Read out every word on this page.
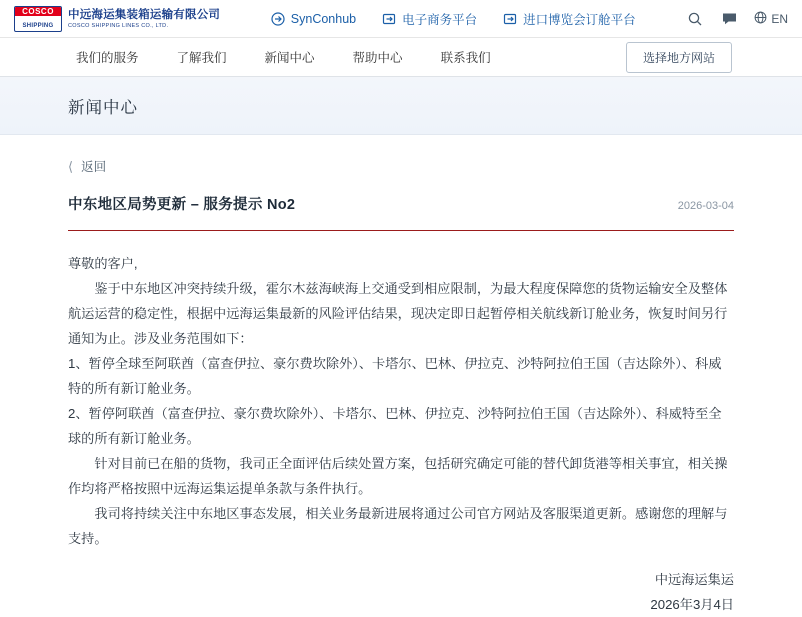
COSCO
SHIPPING
中远海运集装箱运输有限公司
COSCO SHIPPING LINES CO., LTD.	SynConhub	电子商务平台	进口博览会订舱平台	EN
我们的服务	了解我们	新闻中心	帮助中心	联系我们	选择地方网站
新闻中心
⟨ 返回
中东地区局势更新 – 服务提示 No2	2026-03-04

尊敬的客户,

鉴于中东地区冲突持续升级，霍尔木兹海峡海上交通受到相应限制，为最大程度保障您的货物运输安全及整体航运运营的稳定性，根据中远海运集最新的风险评估结果，现决定即日起暂停相关航线新订舱业务，恢复时间另行通知为止。涉及业务范围如下：

1、暂停全球至阿联酋（富查伊拉、豪尔费坎除外）、卡塔尔、巴林、伊拉克、沙特阿拉伯王国（吉达除外）、科威特的所有新订舱业务。

2、暂停阿联酋（富查伊拉、豪尔费坎除外）、卡塔尔、巴林、伊拉克、沙特阿拉伯王国（吉达除外）、科威特至全球的所有新订舱业务。

针对目前已在船的货物，我司正全面评估后续处置方案，包括研究确定可能的替代卸货港等相关事宜，相关操作均将严格按照中远海运集运提单条款与条件执行。

我司将持续关注中东地区事态发展，相关业务最新进展将通过公司官方网站及客服渠道更新。感谢您的理解与支持。

中远海运集运
2026年3月4日
